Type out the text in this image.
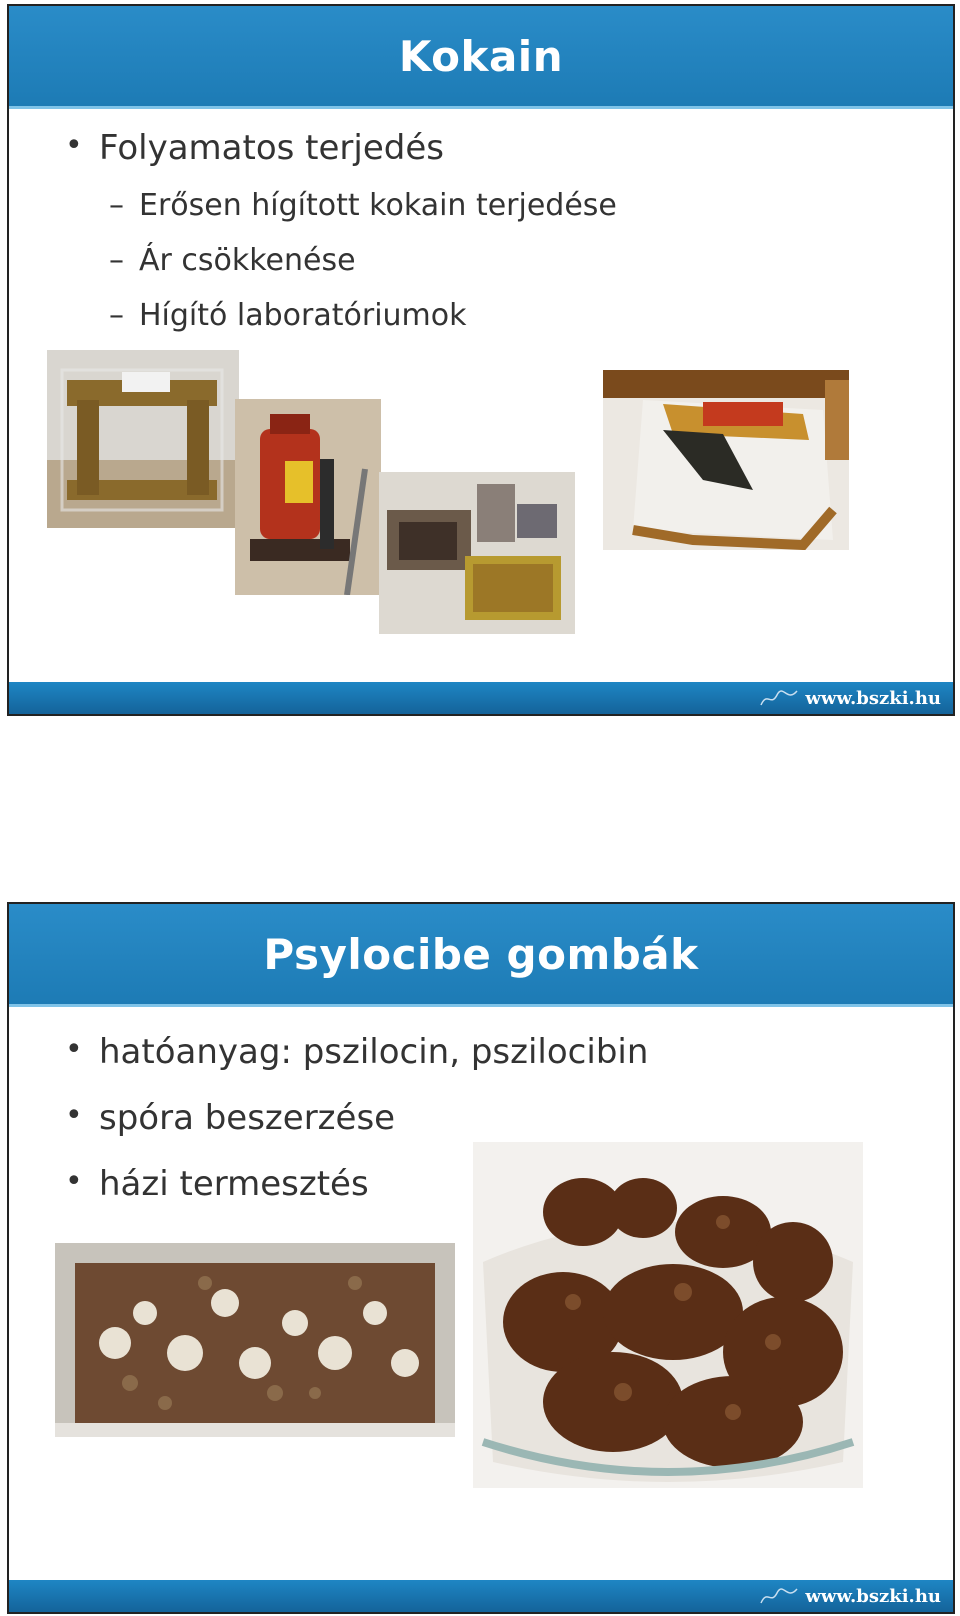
Kokain
• Folyamatos terjedés
– Erősen hígított kokain terjedése
– Ár csökkenése
– Hígító laboratóriumok
www.bszki.hu
Psylocibe gombák
• hatóanyag: pszilocin, pszilocibin
• spóra beszerzése
• házi termesztés
www.bszki.hu
